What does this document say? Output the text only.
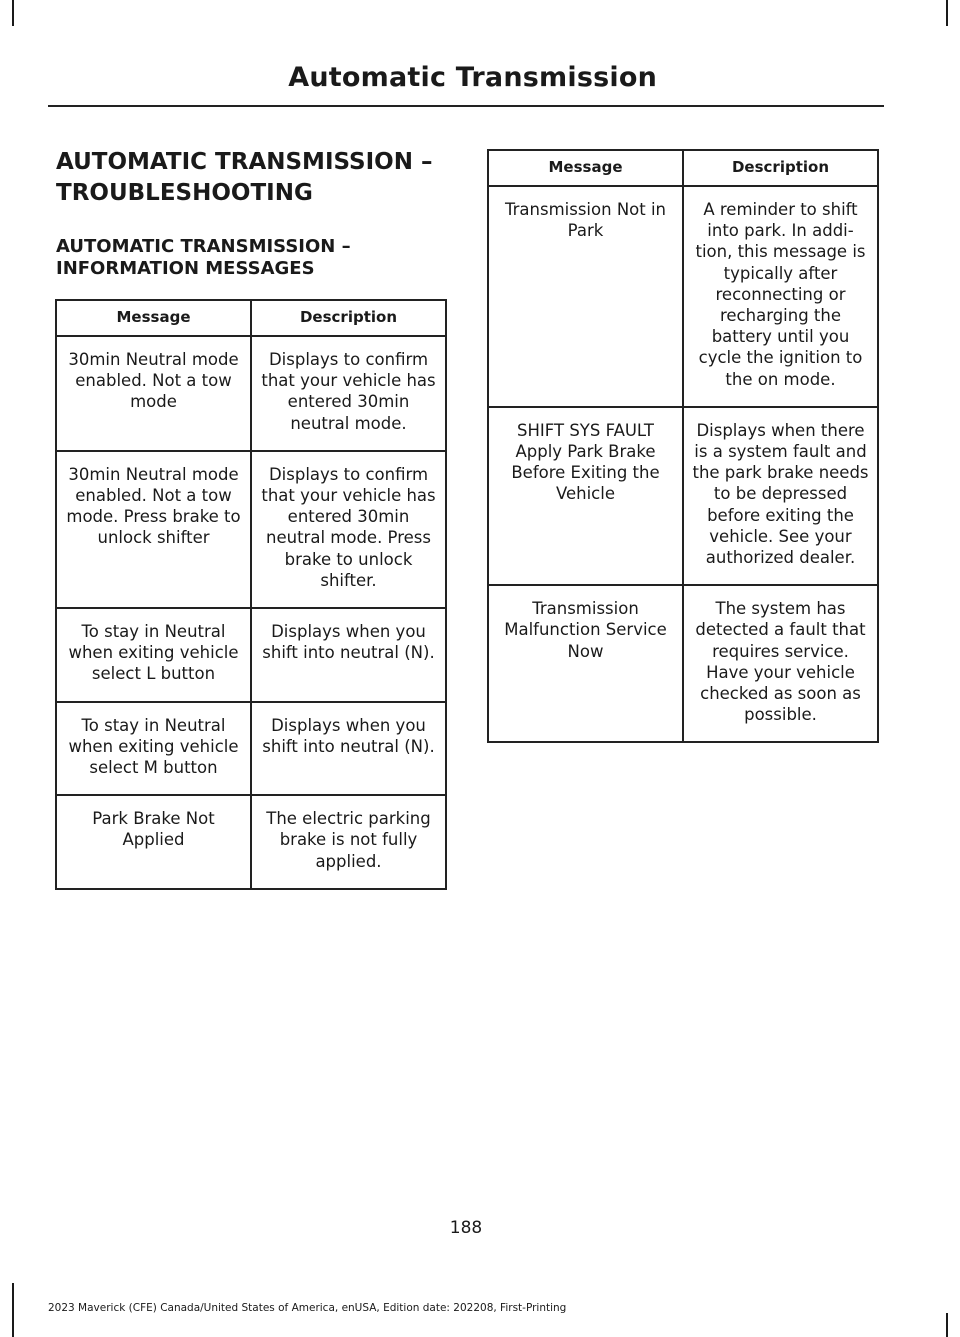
Automatic Transmission
AUTOMATIC TRANSMISSION – TROUBLESHOOTING
AUTOMATIC TRANSMISSION – INFORMATION MESSAGES
Message	Description
30min Neutral mode enabled. Not a tow mode	Displays to confirm that your vehicle has entered 30min neutral mode.
30min Neutral mode enabled. Not a tow mode. Press brake to unlock shifter	Displays to confirm that your vehicle has entered 30min neutral mode. Press brake to unlock shifter.
To stay in Neutral when exiting vehicle select L button	Displays when you shift into neutral (N).
To stay in Neutral when exiting vehicle select M button	Displays when you shift into neutral (N).
Park Brake Not Applied	The electric parking brake is not fully applied.
Message	Description
Transmission Not in Park	A reminder to shift into park. In addi-tion, this message is typically after reconnecting or recharging the battery until you cycle the ignition to the on mode.
SHIFT SYS FAULT Apply Park Brake Before Exiting the Vehicle	Displays when there is a system fault and the park brake needs to be depressed before exiting the vehicle. See your authorized dealer.
Transmission Malfunction Service Now	The system has detected a fault that requires service. Have your vehicle checked as soon as possible.
188
2023 Maverick (CFE) Canada/United States of America, enUSA, Edition date: 202208, First-Printing
